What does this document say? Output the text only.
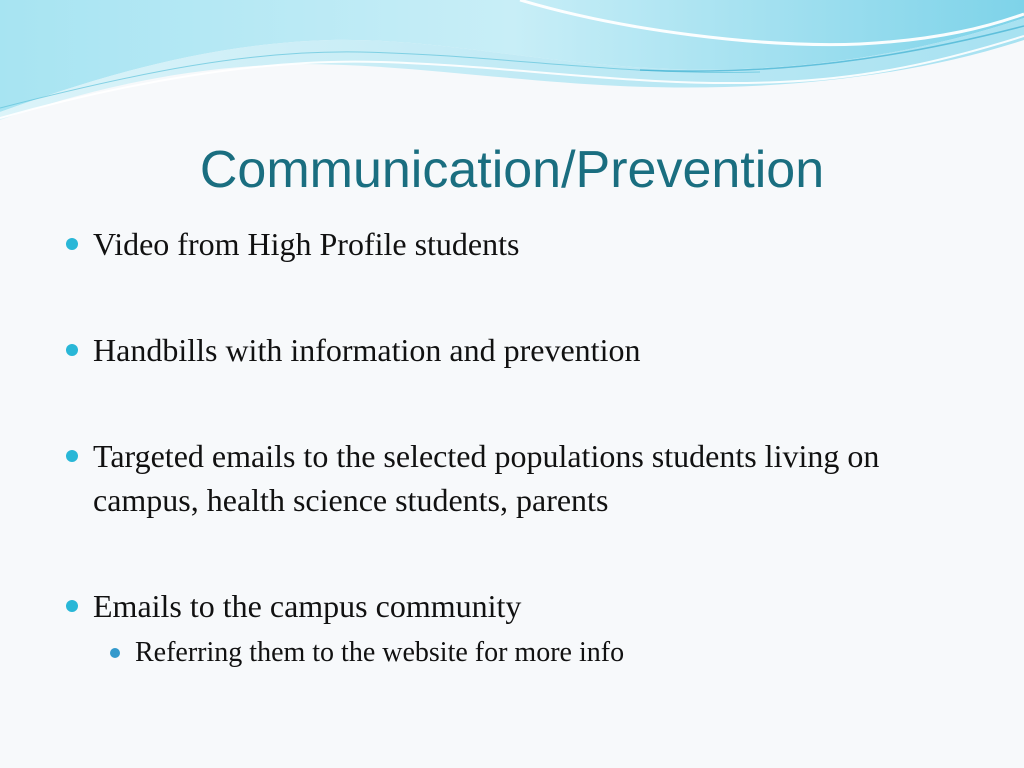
Communication/Prevention
Video from High Profile students
Handbills with information and prevention
Targeted emails to the selected populations students living on campus, health science students, parents
Emails to the campus community
Referring them to the website for more info
